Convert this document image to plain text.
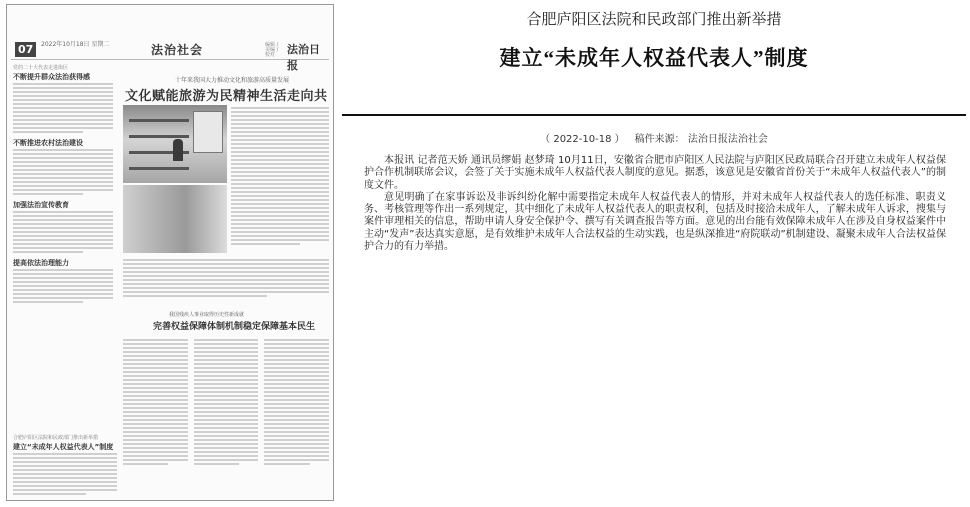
07	2022年10月18日 星期二	法治社会	编辑 / 美编 / 校对	法治日报
党的二十大代表走进街区
不断提升群众法治获得感
不断推进农村法治建设
加强法治宣传教育
提高依法治理能力
十年来我国大力推动文化和旅游高质量发展
文化赋能旅游为民精神生活走向共
我国残疾人事业取得历史性新成就
完善权益保障体制机制稳定保障基本民生
合肥庐阳区法院和民政部门推出新举措
建立“未成年人权益代表人”制度
合肥庐阳区法院和民政部门推出新举措
建立“未成年人权益代表人”制度
（ 2022-10-18 ） 稿件来源： 法治日报法治社会

本报讯 记者范天娇 通讯员缪娟 赵梦琦 10月11日，安徽省合肥市庐阳区人民法院与庐阳区民政局联合召开建立未成年人权益保护合作机制联席会议，会签了关于实施未成年人权益代表人制度的意见。据悉，该意见是安徽省首份关于“未成年人权益代表人”的制度文件。

意见明确了在家事诉讼及非诉纠纷化解中需要指定未成年人权益代表人的情形，并对未成年人权益代表人的选任标准、职责义务、考核管理等作出一系列规定，其中细化了未成年人权益代表人的职责权利，包括及时接洽未成年人，了解未成年人诉求，搜集与案件审理相关的信息，帮助申请人身安全保护令、撰写有关调查报告等方面。意见的出台能有效保障未成年人在涉及自身权益案件中主动“发声”表达真实意愿，是有效维护未成年人合法权益的生动实践，也是纵深推进“府院联动”机制建设、凝聚未成年人合法权益保护合力的有力举措。
